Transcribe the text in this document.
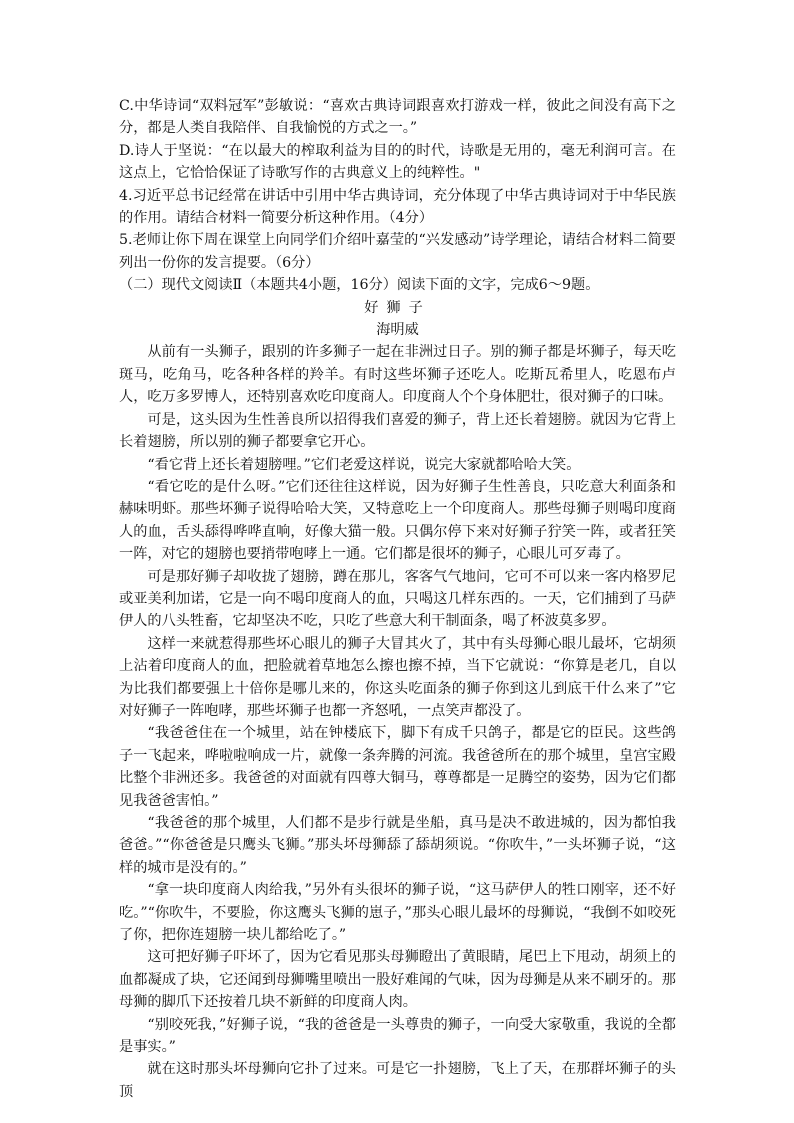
C.中华诗词“双料冠军”彭敏说：“喜欢古典诗词跟喜欢打游戏一样，彼此之间没有高下之分，都是人类自我陪伴、自我愉悦的方式之一。”

D.诗人于坚说：“在以最大的榨取利益为目的的时代，诗歌是无用的，毫无利润可言。在这点上，它恰恰保证了诗歌写作的古典意义上的纯粹性。"

4.习近平总书记经常在讲话中引用中华古典诗词，充分体现了中华古典诗词对于中华民族的作用。请结合材料一简要分析这种作用。（4分）

5.老师让你下周在课堂上向同学们介绍叶嘉莹的“兴发感动”诗学理论，请结合材料二简要列出一份你的发言提要。（6分）

（二）现代文阅读Ⅱ（本题共4小题，16分）阅读下面的文字，完成6～9题。

好狮子

海明威

从前有一头狮子，跟别的许多狮子一起在非洲过日子。别的狮子都是坏狮子，每天吃斑马，吃角马，吃各种各样的羚羊。有时这些坏狮子还吃人。吃斯瓦希里人，吃恩布卢人，吃万多罗博人，还特别喜欢吃印度商人。印度商人个个身体肥壮，很对狮子的口味。

可是，这头因为生性善良所以招得我们喜爱的狮子，背上还长着翅膀。就因为它背上长着翅膀，所以别的狮子都要拿它开心。

“看它背上还长着翅膀哩。”它们老爱这样说，说完大家就都哈哈大笑。

“看它吃的是什么呀。”它们还往往这样说，因为好狮子生性善良，只吃意大利面条和赫味明虾。那些坏狮子说得哈哈大笑，又特意吃上一个印度商人。那些母狮子则喝印度商人的血，舌头舔得哗哗直响，好像大猫一般。只偶尔停下来对好狮子狞笑一阵，或者狂笑一阵，对它的翅膀也要捎带咆哮上一通。它们都是很坏的狮子，心眼儿可歹毒了。

可是那好狮子却收拢了翅膀，蹲在那儿，客客气气地问，它可不可以来一客内格罗尼或亚美利加诺，它是一向不喝印度商人的血，只喝这几样东西的。一天，它们捕到了马萨伊人的八头牲畜，它却坚决不吃，只吃了些意大利干制面条，喝了杯波莫多罗。

这样一来就惹得那些坏心眼儿的狮子大冒其火了，其中有头母狮心眼儿最坏，它胡须上沾着印度商人的血，把脸就着草地怎么擦也擦不掉，当下它就说：“你算是老几，自以为比我们都要强上十倍你是哪儿来的，你这头吃面条的狮子你到这儿到底干什么来了”它对好狮子一阵咆哮，那些坏狮子也都一齐怒吼，一点笑声都没了。

“我爸爸住在一个城里，站在钟楼底下，脚下有成千只鸽子，都是它的臣民。这些鸽子一飞起来，哗啦啦响成一片，就像一条奔腾的河流。我爸爸所在的那个城里，皇宫宝殿比整个非洲还多。我爸爸的对面就有四尊大铜马，尊尊都是一足腾空的姿势，因为它们都见我爸爸害怕。”

“我爸爸的那个城里，人们都不是步行就是坐船，真马是决不敢进城的，因为都怕我爸爸。”“你爸爸是只鹰头飞狮。”那头坏母狮舔了舔胡须说。“你吹牛，”一头坏狮子说，“这样的城市是没有的。”

“拿一块印度商人肉给我，”另外有头很坏的狮子说，“这马萨伊人的牲口刚宰，还不好吃。”“你吹牛，不要脸，你这鹰头飞狮的崽子，”那头心眼儿最坏的母狮说，“我倒不如咬死了你，把你连翅膀一块儿都给吃了。”

这可把好狮子吓坏了，因为它看见那头母狮瞪出了黄眼睛，尾巴上下甩动，胡须上的血都凝成了块，它还闻到母狮嘴里喷出一股好难闻的气味，因为母狮是从来不刷牙的。那母狮的脚爪下还按着几块不新鲜的印度商人肉。

“别咬死我，”好狮子说，“我的爸爸是一头尊贵的狮子，一向受大家敬重，我说的全都是事实。”

就在这时那头坏母狮向它扑了过来。可是它一扑翅膀，飞上了天，在那群坏狮子的头顶
